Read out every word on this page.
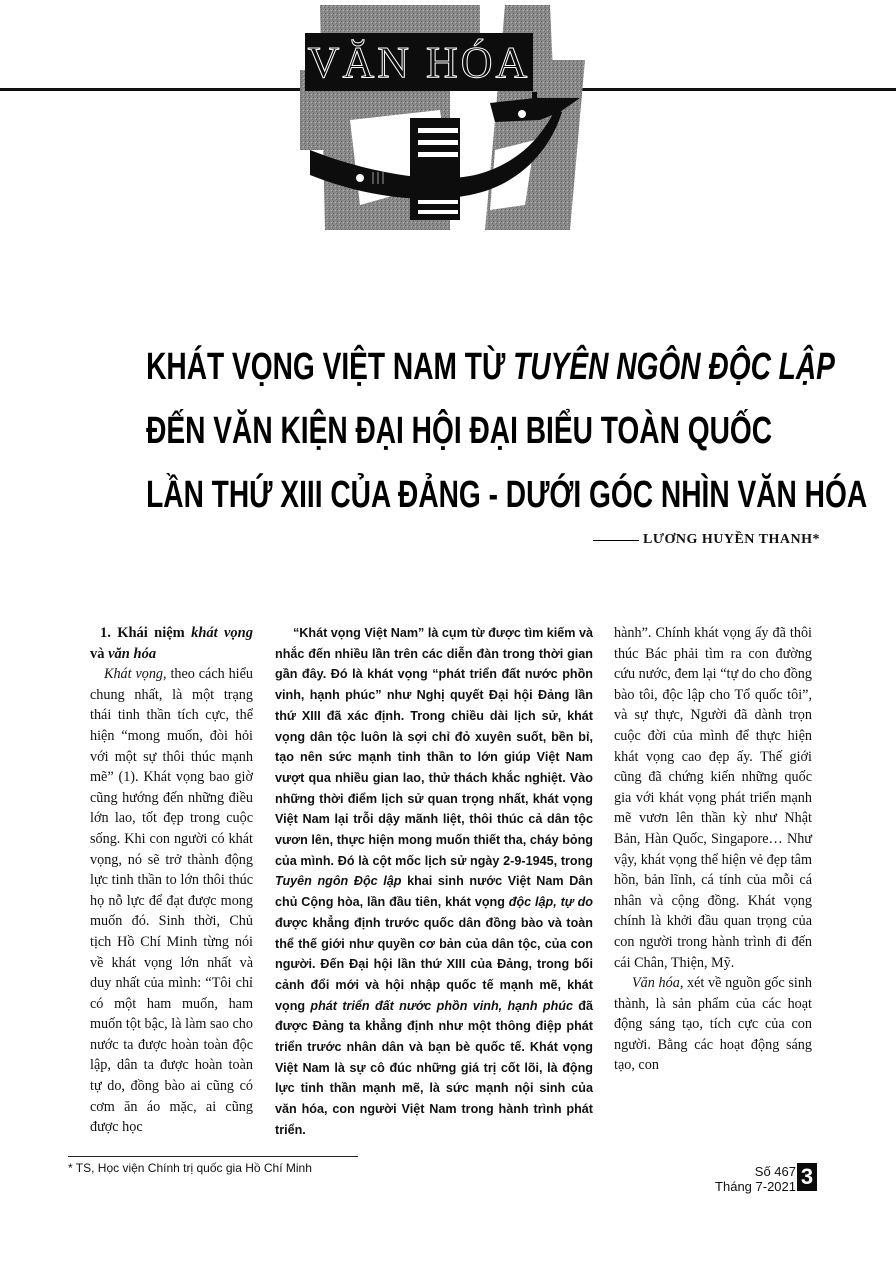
VĂN HÓA
KHÁT VỌNG VIỆT NAM TỪ TUYÊN NGÔN ĐỘC LẬP
ĐẾN VĂN KIỆN ĐẠI HỘI ĐẠI BIỂU TOÀN QUỐC
LẦN THỨ XIII CỦA ĐẢNG - DƯỚI GÓC NHÌN VĂN HÓA
LƯƠNG HUYỀN THANH*
1. Khái niệm khát vọng và văn hóa

Khát vọng, theo cách hiểu chung nhất, là một trạng thái tinh thần tích cực, thể hiện “mong muốn, đòi hỏi với một sự thôi thúc mạnh mẽ” (1). Khát vọng bao giờ cũng hướng đến những điều lớn lao, tốt đẹp trong cuộc sống. Khi con người có khát vọng, nó sẽ trở thành động lực tinh thần to lớn thôi thúc họ nỗ lực để đạt được mong muốn đó. Sinh thời, Chủ tịch Hồ Chí Minh từng nói về khát vọng lớn nhất và duy nhất của mình: “Tôi chỉ có một ham muốn, ham muốn tột bậc, là làm sao cho nước ta được hoàn toàn độc lập, dân ta được hoàn toàn tự do, đồng bào ai cũng có cơm ăn áo mặc, ai cũng được học

“Khát vọng Việt Nam” là cụm từ được tìm kiếm và nhắc đến nhiều lần trên các diễn đàn trong thời gian gần đây. Đó là khát vọng “phát triển đất nước phồn vinh, hạnh phúc” như Nghị quyết Đại hội Đảng lần thứ XIII đã xác định. Trong chiều dài lịch sử, khát vọng dân tộc luôn là sợi chỉ đỏ xuyên suốt, bền bỉ, tạo nên sức mạnh tinh thần to lớn giúp Việt Nam vượt qua nhiều gian lao, thử thách khắc nghiệt. Vào những thời điểm lịch sử quan trọng nhất, khát vọng Việt Nam lại trỗi dậy mãnh liệt, thôi thúc cả dân tộc vươn lên, thực hiện mong muốn thiết tha, cháy bỏng của mình. Đó là cột mốc lịch sử ngày 2-9-1945, trong Tuyên ngôn Độc lập khai sinh nước Việt Nam Dân chủ Cộng hòa, lần đầu tiên, khát vọng độc lập, tự do được khẳng định trước quốc dân đồng bào và toàn thể thế giới như quyền cơ bản của dân tộc, của con người. Đến Đại hội lần thứ XIII của Đảng, trong bối cảnh đổi mới và hội nhập quốc tế mạnh mẽ, khát vọng phát triển đất nước phồn vinh, hạnh phúc đã được Đảng ta khẳng định như một thông điệp phát triển trước nhân dân và bạn bè quốc tế. Khát vọng Việt Nam là sự cô đúc những giá trị cốt lõi, là động lực tinh thần mạnh mẽ, là sức mạnh nội sinh của văn hóa, con người Việt Nam trong hành trình phát triển.

hành”. Chính khát vọng ấy đã thôi thúc Bác phải tìm ra con đường cứu nước, đem lại “tự do cho đồng bào tôi, độc lập cho Tổ quốc tôi”, và sự thực, Người đã dành trọn cuộc đời của mình để thực hiện khát vọng cao đẹp ấy. Thế giới cũng đã chứng kiến những quốc gia với khát vọng phát triển mạnh mẽ vươn lên thần kỳ như Nhật Bản, Hàn Quốc, Singapore… Như vậy, khát vọng thể hiện vẻ đẹp tâm hồn, bản lĩnh, cá tính của mỗi cá nhân và cộng đồng. Khát vọng chính là khởi đầu quan trọng của con người trong hành trình đi đến cái Chân, Thiện, Mỹ.

Văn hóa, xét về nguồn gốc sinh thành, là sản phẩm của các hoạt động sáng tạo, tích cực của con người. Bằng các hoạt động sáng tạo, con

* TS, Học viện Chính trị quốc gia Hồ Chí Minh	Số 467
Tháng 7-2021 3
